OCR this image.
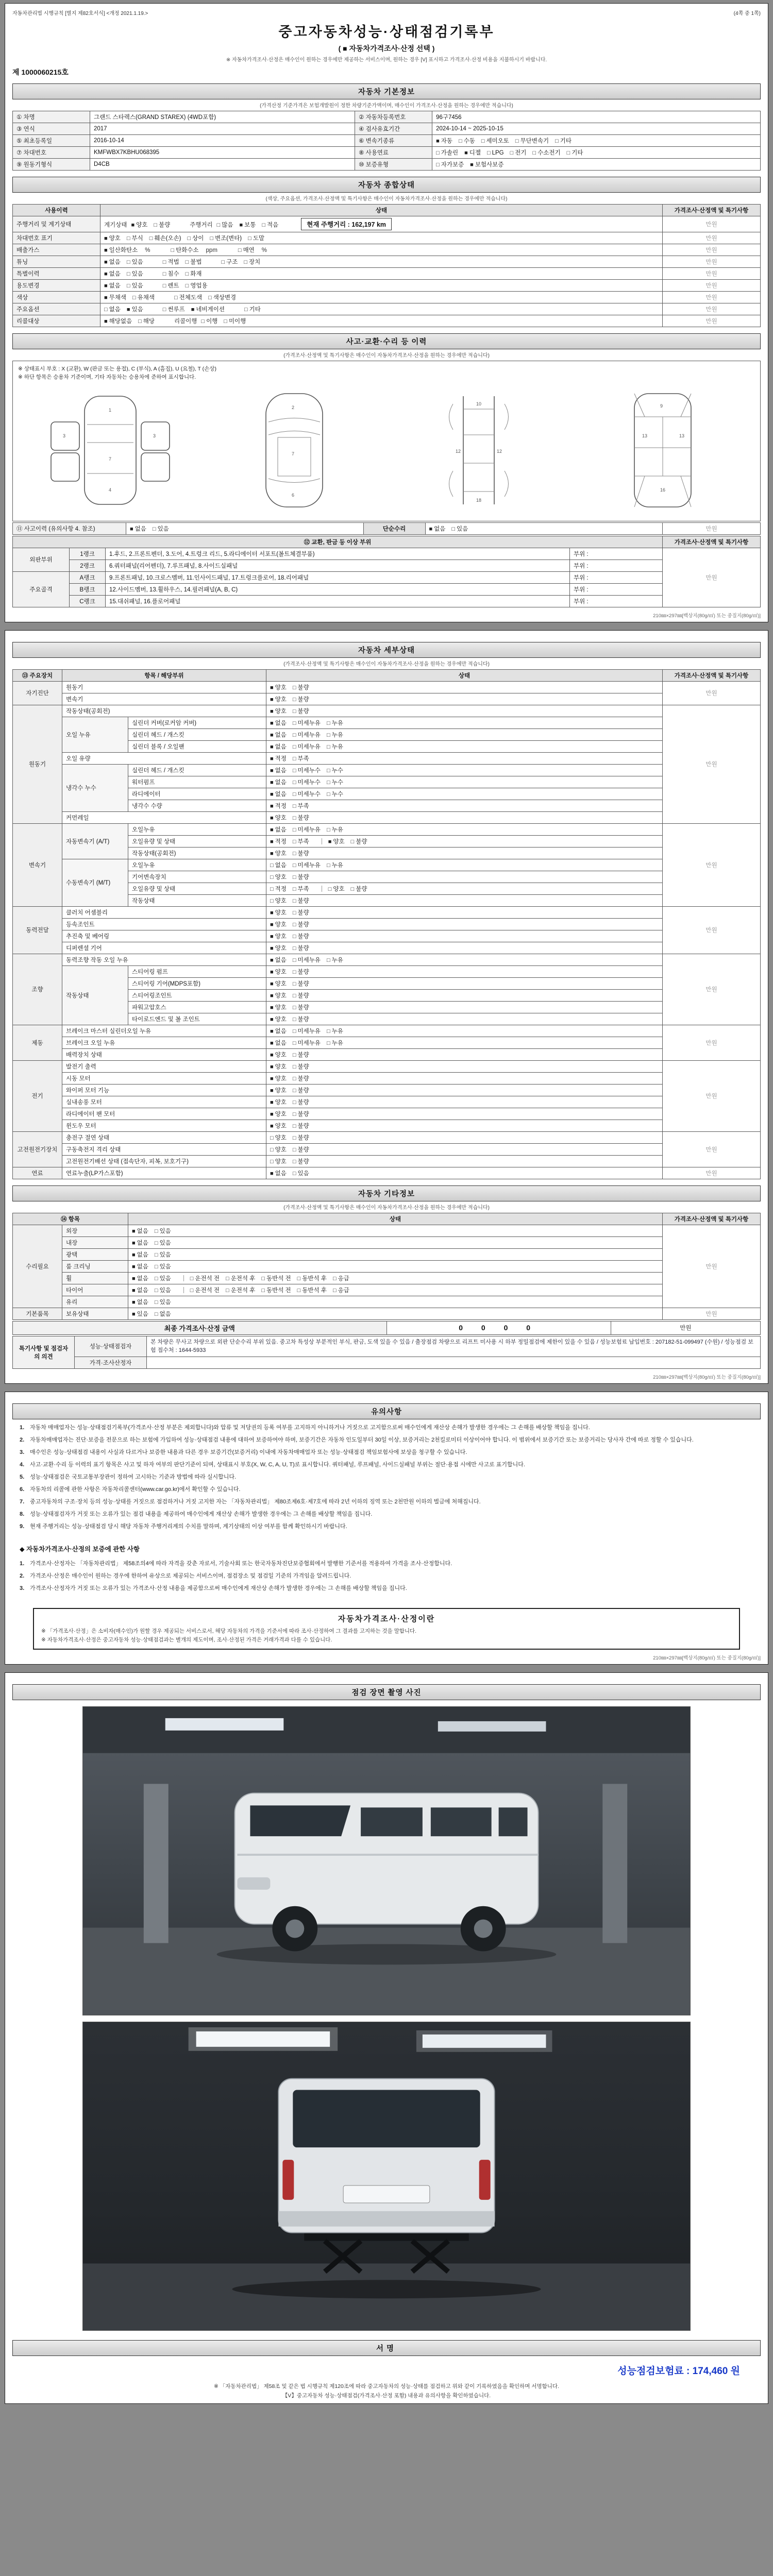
자동차관리법 시행규칙 [별지 제82호서식] <개정 2021.1.19.>	(4쪽 중 1쪽)
중고자동차성능·상태점검기록부
( ■ 자동차가격조사·산정 선택 )
※ 자동차가격조사·산정은 매수인이 원하는 경우에만 제공하는 서비스이며, 원하는 경우 [V] 표시하고 가격조사·산정 비용을 지불하시기 바랍니다.
제 1000060215호
자동차 기본정보
(가격산정 기준가격은 보험개발원이 정한 차량기준가액이며, 매수인이 가격조사·산정을 원하는 경우에만 적습니다)
① 차명	그랜드 스타렉스(GRAND STAREX) (4WD포함)	② 자동차등록번호	96구7456
③ 연식	2017	④ 검사유효기간	2024-10-14 ~ 2025-10-15
⑤ 최초등록일	2016-10-14	⑥ 변속기종류	■ 자동 □ 수동 □ 세미오토 □ 무단변속기 □ 기타
⑦ 차대번호	KMFWBX7KBHU068395	⑧ 사용연료	□ 가솔린 ■ 디젤 □ LPG □ 전기 □ 수소전기 □ 기타
⑨ 원동기형식	D4CB	⑩ 보증유형	□ 자가보증 ■ 보험사보증
자동차 종합상태
(색상, 주요옵션, 가격조사·산정액 및 특기사항은 매수인이 자동차가격조사·산정을 원하는 경우에만 적습니다)
사용이력	상태	가격조사·산정액 및 특기사항
주행거리 및 계기상태	계기상태 ■ 양호 □ 불량 주행거리 □ 많음 ■ 보통 □ 적음 현재 주행거리 : 162,197 km	만원
차대번호 표기	■ 양호 □ 부식 □ 훼손(오손) □ 상이 □ 변조(변타) □ 도말	만원
배출가스	■ 일산화탄소 % □ 탄화수소 ppm □ 매연 %	만원
튜닝	■ 없음 □ 있음 □ 적법 □ 불법 □ 구조 □ 장치	만원
특별이력	■ 없음 □ 있음 □ 침수 □ 화재	만원
용도변경	■ 없음 □ 있음 □ 렌트 □ 영업용	만원
색상	■ 무채색 □ 유채색 □ 전체도색 □ 색상변경	만원
주요옵션	□ 없음 ■ 있음 □ 썬루프 ■ 네비게이션 □ 기타	만원
리콜대상	■ 해당없음 □ 해당 리콜이행 □ 이행 □ 미이행	만원
사고·교환·수리 등 이력
(가격조사·산정액 및 특기사항은 매수인이 자동차가격조사·산정을 원하는 경우에만 적습니다)
※ 상태표시 부호 : X (교환), W (판금 또는 용접), C (부식), A (흠집), U (요철), T (손상)
※ 하단 항목은 승용차 기준이며, 기타 자동차는 승용차에 준하여 표시합니다.
1
7
4
3	3
2
7
6
10
12	12
18
9
13	13
16
⑪ 사고이력 (유의사항 4. 참조)	■ 없음 □ 있음	단순수리	■ 없음 □ 있음	만원
⑫ 교환, 판금 등 이상 부위				가격조사·산정액 및 특기사항
외판부위	1랭크	1.후드, 2.프론트펜더, 3.도어, 4.트렁크 리드, 5.라디에이터 서포트(볼트체결부품)	부위 :	만원
	2랭크	6.쿼터패널(리어펜더), 7.루프패널, 8.사이드실패널	부위 :	
주요골격	A랭크	9.프론트패널, 10.크로스멤버, 11.인사이드패널, 17.트렁크플로어, 18.리어패널	부위 :	
	B랭크	12.사이드멤버, 13.휠하우스, 14.필러패널(A, B, C)	부위 :	
	C랭크	15.대쉬패널, 16.플로어패널	부위 :	
210㎜×297㎜[백상지(80g/㎡) 또는 중질지(80g/㎡)]
자동차 세부상태
(가격조사·산정액 및 특기사항은 매수인이 자동차가격조사·산정을 원하는 경우에만 적습니다)
⑬ 주요장치	항목 / 해당부위		상태	가격조사·산정액 및 특기사항
자기진단	원동기		■ 양호 □ 불량	만원
	변속기		■ 양호 □ 불량	
원동기	작동상태(공회전)		■ 양호 □ 불량	만원
	오일 누유	실린더 커버(로커암 커버)	■ 없음 □ 미세누유 □ 누유	
		실린더 헤드 / 개스킷	■ 없음 □ 미세누유 □ 누유	
		실린더 블록 / 오일팬	■ 없음 □ 미세누유 □ 누유	
	오일 유량		■ 적정 □ 부족	
	냉각수 누수	실린더 헤드 / 개스킷	■ 없음 □ 미세누수 □ 누수	
		워터펌프	■ 없음 □ 미세누수 □ 누수	
		라디에이터	■ 없음 □ 미세누수 □ 누수	
		냉각수 수량	■ 적정 □ 부족	
	커먼레일		■ 양호 □ 불량	
변속기	자동변속기 (A/T)	오일누유	■ 없음 □ 미세누유 □ 누유	만원
		오일유량 및 상태	■ 적정 □ 부족 ■ 양호 □ 불량	
		작동상태(공회전)	■ 양호 □ 불량	
	수동변속기 (M/T)	오일누유	□ 없음 □ 미세누유 □ 누유	
		기어변속장치	□ 양호 □ 불량	
		오일유량 및 상태	□ 적정 □ 부족 □ 양호 □ 불량	
		작동상태	□ 양호 □ 불량	
동력전달	클러치 어셈블리		■ 양호 □ 불량	만원
	등속조인트		■ 양호 □ 불량	
	추진축 및 베어링		■ 양호 □ 불량	
	디퍼렌셜 기어		■ 양호 □ 불량	
조향	동력조향 작동 오일 누유		■ 없음 □ 미세누유 □ 누유	만원
	작동상태	스티어링 펌프	■ 양호 □ 불량	
		스티어링 기어(MDPS포함)	■ 양호 □ 불량	
		스티어링조인트	■ 양호 □ 불량	
		파워고압호스	■ 양호 □ 불량	
		타이로드엔드 및 볼 조인트	■ 양호 □ 불량	
제동	브레이크 마스터 실린더오일 누유		■ 없음 □ 미세누유 □ 누유	만원
	브레이크 오일 누유		■ 없음 □ 미세누유 □ 누유	
	배력장치 상태		■ 양호 □ 불량	
전기	발전기 출력		■ 양호 □ 불량	만원
	시동 모터		■ 양호 □ 불량	
	와이퍼 모터 기능		■ 양호 □ 불량	
	실내송풍 모터		■ 양호 □ 불량	
	라디에이터 팬 모터		■ 양호 □ 불량	
	윈도우 모터		■ 양호 □ 불량	
고전원전기장치	충전구 절연 상태		□ 양호 □ 불량	만원
	구동축전지 격리 상태		□ 양호 □ 불량	
	고전원전기배선 상태 (접속단자, 피복, 보호기구)		□ 양호 □ 불량	
연료	연료누출(LP가스포함)		■ 없음 □ 있음	만원
자동차 기타정보
(가격조사·산정액 및 특기사항은 매수인이 자동차가격조사·산정을 원하는 경우에만 적습니다)
⑭ 항목		상태	가격조사·산정액 및 특기사항
수리필요	외장	■ 없음 □ 있음	만원
	내장	■ 없음 □ 있음	
	광택	■ 없음 □ 있음	
	룸 크리닝	■ 없음 □ 있음	
	휠	■ 없음 □ 있음 □ 운전석 전 □ 운전석 후 □ 동반석 전 □ 동반석 후 □ 응급	
	타이어	■ 없음 □ 있음 □ 운전석 전 □ 운전석 후 □ 동반석 전 □ 동반석 후 □ 응급	
	유리	■ 없음 □ 있음	
기본품목	보유상태	■ 있음 □ 없음	만원
최종 가격조사·산정 금액	0 0 0 0	만원
특기사항 및 점검자의 의견	성능·상태점검자	본 차량은 무사고 차량으로 외판 단순수리 부위 있음. 중고차 특성상 부분적인 부식, 판금, 도색 있을 수 있음 / 출장점검 차량으로 리프트 미사용 시 하부 정밀점검에 제한이 있을 수 있음 / 성능보험료 납입번호 : 207182-51-099497 (수원) / 성능점검 보험 접수처 : 1644-5933
	가격·조사산정자	
210㎜×297㎜[백상지(80g/㎡) 또는 중질지(80g/㎡)]
유의사항
1. 자동차 매매업자는 성능·상태점검기록부(가격조사·산정 부분은 제외합니다)와 압류 및 저당권의 등록 여부를 고지하지 아니하거나 거짓으로 고지함으로써 매수인에게 재산상 손해가 발생한 경우에는 그 손해를 배상할 책임을 집니다.
2. 자동차매매업자는 진단·보증을 전문으로 하는 보험에 가입하여 성능·상태점검 내용에 대하여 보증하여야 하며, 보증기간은 자동차 인도일부터 30일 이상, 보증거리는 2천킬로미터 이상이어야 합니다. 이 범위에서 보증기간 또는 보증거리는 당사자 간에 따로 정할 수 있습니다.
3. 매수인은 성능·상태점검 내용이 사실과 다르거나 보증한 내용과 다른 경우 보증기간(보증거리) 이내에 자동차매매업자 또는 성능·상태점검 책임보험사에 보상을 청구할 수 있습니다.
4. 사고·교환·수리 등 이력의 표기 항목은 사고 및 하자 여부의 판단기준이 되며, 상태표시 부호(X, W, C, A, U, T)로 표시합니다. 쿼터패널, 루프패널, 사이드실패널 부위는 절단·용접 시에만 사고로 표기합니다.
5. 성능·상태점검은 국토교통부장관이 정하여 고시하는 기준과 방법에 따라 실시합니다.
6. 자동차의 리콜에 관한 사항은 자동차리콜센터(www.car.go.kr)에서 확인할 수 있습니다.
7. 중고자동차의 구조·장치 등의 성능·상태를 거짓으로 점검하거나 거짓 고지한 자는 「자동차관리법」 제80조제6호·제7호에 따라 2년 이하의 징역 또는 2천만원 이하의 벌금에 처해집니다.
8. 성능·상태점검자가 거짓 또는 오류가 있는 점검 내용을 제공하여 매수인에게 재산상 손해가 발생한 경우에는 그 손해를 배상할 책임을 집니다.
9. 현재 주행거리는 성능·상태점검 당시 해당 자동차 주행거리계의 수치를 말하며, 계기상태의 이상 여부를 함께 확인하시기 바랍니다.
◆ 자동차가격조사·산정의 보증에 관한 사항
1. 가격조사·산정자는 「자동차관리법」 제58조의4에 따라 자격을 갖춘 자로서, 기술사회 또는 한국자동차진단보증협회에서 발행한 기준서를 적용하여 가격을 조사·산정합니다.
2. 가격조사·산정은 매수인이 원하는 경우에 한하여 유상으로 제공되는 서비스이며, 점검장소 및 점검일 기준의 가격임을 알려드립니다.
3. 가격조사·산정자가 거짓 또는 오류가 있는 가격조사·산정 내용을 제공함으로써 매수인에게 재산상 손해가 발생한 경우에는 그 손해를 배상할 책임을 집니다.
자동차가격조사·산정이란
※ 「가격조사·산정」은 소비자(매수인)가 원할 경우 제공되는 서비스로서, 해당 자동차의 가격을 기준서에 따라 조사·산정하여 그 결과를 고지하는 것을 말합니다.
※ 자동차가격조사·산정은 중고자동차 성능·상태점검과는 별개의 제도이며, 조사·산정된 가격은 거래가격과 다를 수 있습니다.
210㎜×297㎜[백상지(80g/㎡) 또는 중질지(80g/㎡)]
점검 장면 촬영 사진
서명
성능점검보험료 : 174,460 원
※ 「자동차관리법」 제58조 및 같은 법 시행규칙 제120조에 따라 중고자동차의 성능·상태를 점검하고 위와 같이 기록하였음을 확인하며 서명합니다.
【V】중고자동차 성능·상태점검(가격조사·산정 포함) 내용과 유의사항을 확인하였습니다.
